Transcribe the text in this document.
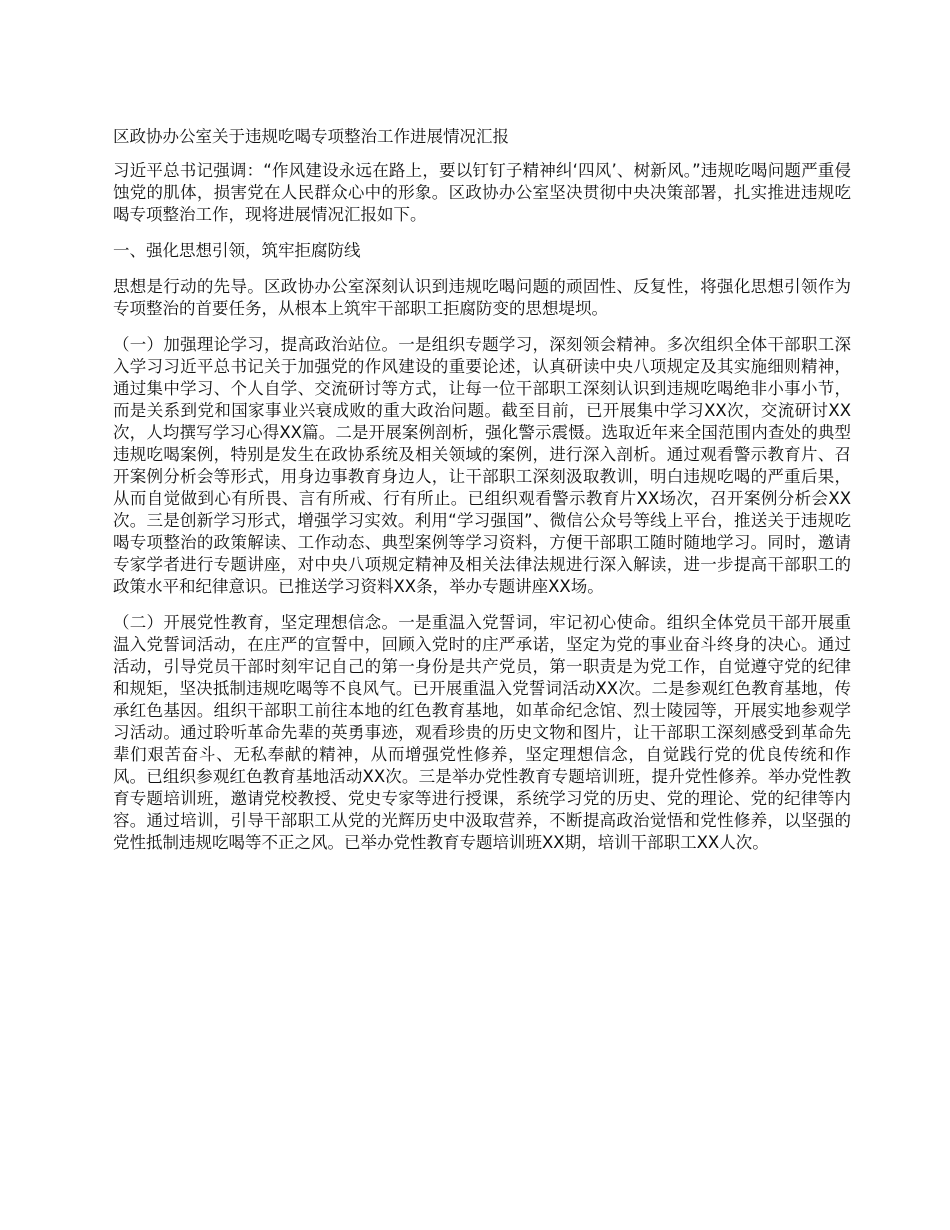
区政协办公室关于违规吃喝专项整治工作进展情况汇报

习近平总书记强调：“作风建设永远在路上，要以钉钉子精神纠‘四风’、树新风。”违规吃喝问题严重侵蚀党的肌体，损害党在人民群众心中的形象。区政协办公室坚决贯彻中央决策部署，扎实推进违规吃喝专项整治工作，现将进展情况汇报如下。

一、强化思想引领，筑牢拒腐防线

思想是行动的先导。区政协办公室深刻认识到违规吃喝问题的顽固性、反复性，将强化思想引领作为专项整治的首要任务，从根本上筑牢干部职工拒腐防变的思想堤坝。

（一）加强理论学习，提高政治站位。一是组织专题学习，深刻领会精神。多次组织全体干部职工深入学习习近平总书记关于加强党的作风建设的重要论述，认真研读中央八项规定及其实施细则精神，通过集中学习、个人自学、交流研讨等方式，让每一位干部职工深刻认识到违规吃喝绝非小事小节，而是关系到党和国家事业兴衰成败的重大政治问题。截至目前，已开展集中学习XX次，交流研讨XX次，人均撰写学习心得XX篇。二是开展案例剖析，强化警示震慑。选取近年来全国范围内查处的典型违规吃喝案例，特别是发生在政协系统及相关领域的案例，进行深入剖析。通过观看警示教育片、召开案例分析会等形式，用身边事教育身边人，让干部职工深刻汲取教训，明白违规吃喝的严重后果，从而自觉做到心有所畏、言有所戒、行有所止。已组织观看警示教育片XX场次，召开案例分析会XX次。三是创新学习形式，增强学习实效。利用“学习强国”、微信公众号等线上平台，推送关于违规吃喝专项整治的政策解读、工作动态、典型案例等学习资料，方便干部职工随时随地学习。同时，邀请专家学者进行专题讲座，对中央八项规定精神及相关法律法规进行深入解读，进一步提高干部职工的政策水平和纪律意识。已推送学习资料XX条，举办专题讲座XX场。

（二）开展党性教育，坚定理想信念。一是重温入党誓词，牢记初心使命。组织全体党员干部开展重温入党誓词活动，在庄严的宣誓中，回顾入党时的庄严承诺，坚定为党的事业奋斗终身的决心。通过活动，引导党员干部时刻牢记自己的第一身份是共产党员，第一职责是为党工作，自觉遵守党的纪律和规矩，坚决抵制违规吃喝等不良风气。已开展重温入党誓词活动XX次。二是参观红色教育基地，传承红色基因。组织干部职工前往本地的红色教育基地，如革命纪念馆、烈士陵园等，开展实地参观学习活动。通过聆听革命先辈的英勇事迹，观看珍贵的历史文物和图片，让干部职工深刻感受到革命先辈们艰苦奋斗、无私奉献的精神，从而增强党性修养，坚定理想信念，自觉践行党的优良传统和作风。已组织参观红色教育基地活动XX次。三是举办党性教育专题培训班，提升党性修养。举办党性教育专题培训班，邀请党校教授、党史专家等进行授课，系统学习党的历史、党的理论、党的纪律等内容。通过培训，引导干部职工从党的光辉历史中汲取营养，不断提高政治觉悟和党性修养，以坚强的党性抵制违规吃喝等不正之风。已举办党性教育专题培训班XX期，培训干部职工XX人次。
